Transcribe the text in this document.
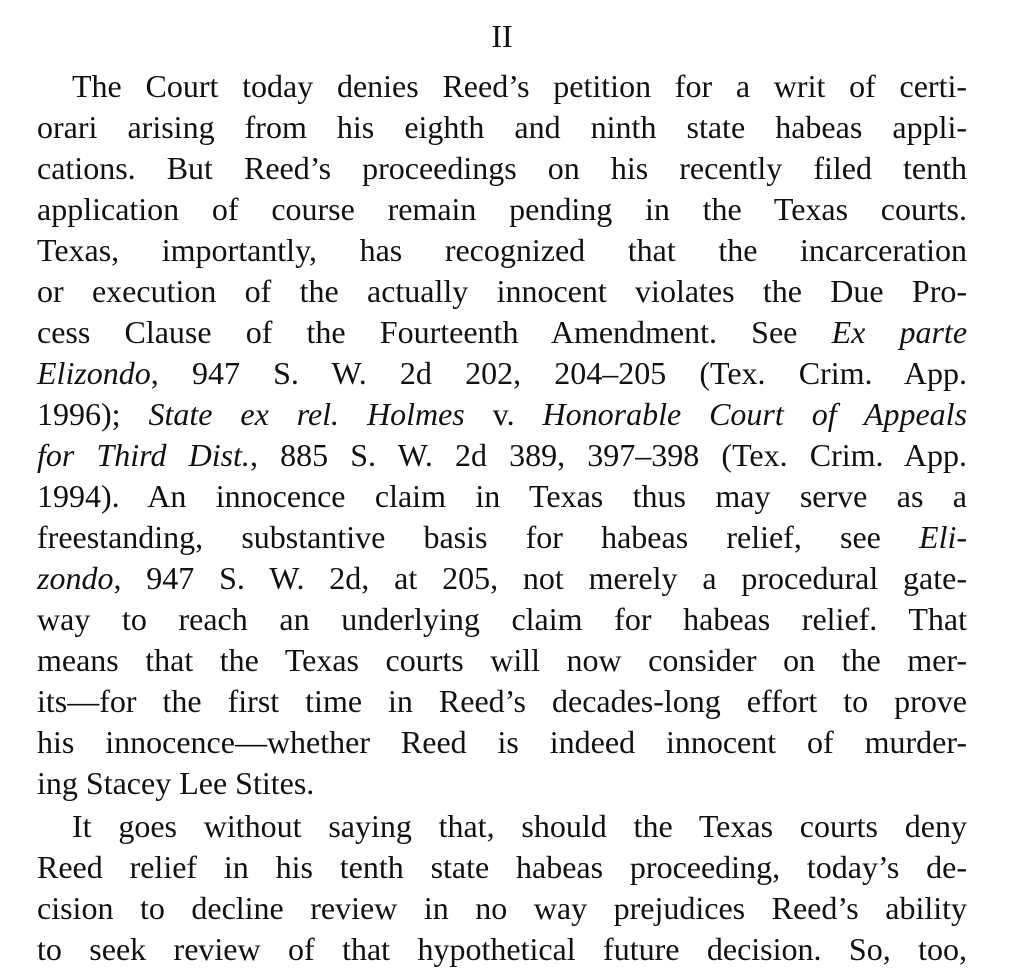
II
The Court today denies Reed’s petition for a writ of certi-
orari arising from his eighth and ninth state habeas appli-
cations. But Reed’s proceedings on his recently filed tenth
application of course remain pending in the Texas courts.
Texas, importantly, has recognized that the incarceration
or execution of the actually innocent violates the Due Pro-
cess Clause of the Fourteenth Amendment. See Ex parte
Elizondo, 947 S. W. 2d 202, 204–205 (Tex. Crim. App.
1996); State ex rel. Holmes v. Honorable Court of Appeals
for Third Dist., 885 S. W. 2d 389, 397–398 (Tex. Crim. App.
1994). An innocence claim in Texas thus may serve as a
freestanding, substantive basis for habeas relief, see Eli-
zondo, 947 S. W. 2d, at 205, not merely a procedural gate-
way to reach an underlying claim for habeas relief. That
means that the Texas courts will now consider on the mer-
its—for the first time in Reed’s decades-long effort to prove
his innocence—whether Reed is indeed innocent of murder-
ing Stacey Lee Stites.
It goes without saying that, should the Texas courts deny
Reed relief in his tenth state habeas proceeding, today’s de-
cision to decline review in no way prejudices Reed’s ability
to seek review of that hypothetical future decision. So, too,
